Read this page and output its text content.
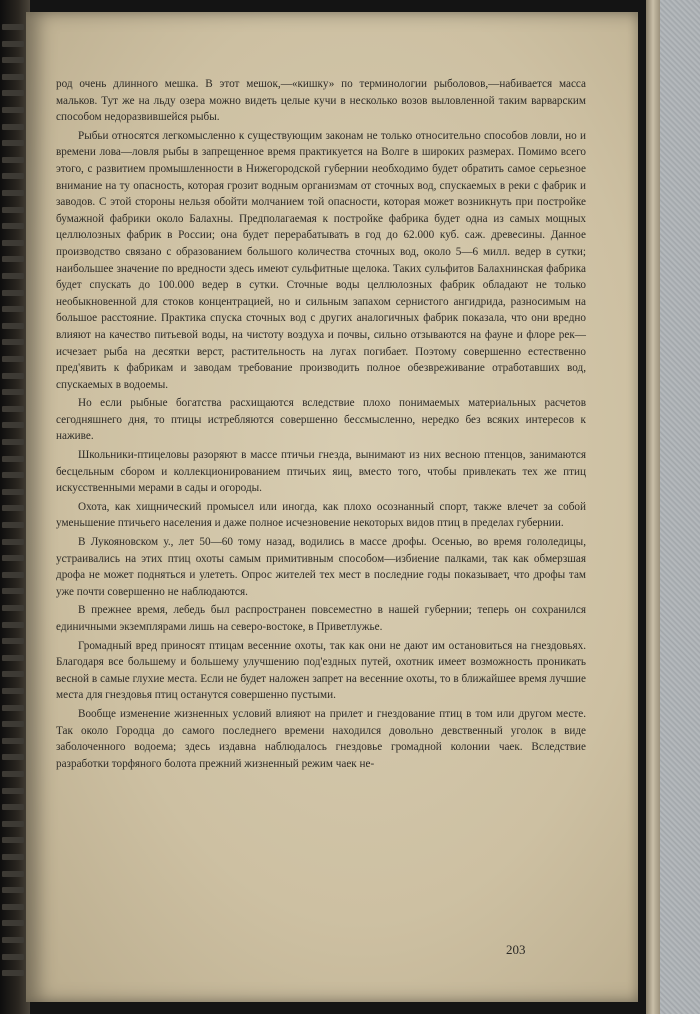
род очень длинного мешка. В этот мешок,—«кишку» по терминологии рыболовов,—набивается масса мальков. Тут же на льду озера можно видеть целые кучи в несколько возов выловленной таким варварским способом недоразвившейся рыбы.

Рыбьи относятся легкомысленно к существующим законам не только относительно способов ловли, но и времени лова—ловля рыбы в запрещенное время практикуется на Волге в широких размерах. Помимо всего этого, с развитием промышленности в Нижегородской губернии необходимо будет обратить самое серьезное внимание на ту опасность, которая грозит водным организмам от сточных вод, спускаемых в реки с фабрик и заводов. С этой стороны нельзя обойти молчанием той опасности, которая может возникнуть при постройке бумажной фабрики около Балахны. Предполагаемая к постройке фабрика будет одна из самых мощных целлюлозных фабрик в России; она будет перерабатывать в год до 62.000 куб. саж. древесины. Данное производство связано с образованием большого количества сточных вод, около 5—6 милл. ведер в сутки; наибольшее значение по вредности здесь имеют сульфитные щелока. Таких сульфитов Балахнинская фабрика будет спускать до 100.000 ведер в сутки. Сточные воды целлюлозных фабрик обладают не только необыкновенной для стоков концентрацией, но и сильным запахом сернистого ангидрида, разносимым на большое расстояние. Практика спуска сточных вод с других аналогичных фабрик показала, что они вредно влияют на качество питьевой воды, на чистоту воздуха и почвы, сильно отзываются на фауне и флоре рек—исчезает рыба на десятки верст, растительность на лугах погибает. Поэтому совершенно естественно пред'явить к фабрикам и заводам требование производить полное обезвреживание отработавших вод, спускаемых в водоемы.

Но если рыбные богатства расхищаются вследствие плохо понимаемых материальных расчетов сегодняшнего дня, то птицы истребляются совершенно бессмысленно, нередко без всяких интересов к наживе.

Школьники-птицеловы разоряют в массе птичьи гнезда, вынимают из них весною птенцов, занимаются бесцельным сбором и коллекционированием птичьих яиц, вместо того, чтобы привлекать тех же птиц искусственными мерами в сады и огороды.

Охота, как хищнический промысел или иногда, как плохо осознанный спорт, также влечет за собой уменьшение птичьего населения и даже полное исчезновение некоторых видов птиц в пределах губернии.

В Лукояновском у., лет 50—60 тому назад, водились в массе дрофы. Осенью, во время гололедицы, устраивались на этих птиц охоты самым примитивным способом—избиение палками, так как обмерзшая дрофа не может подняться и улететь. Опрос жителей тех мест в последние годы показывает, что дрофы там уже почти совершенно не наблюдаются.

В прежнее время, лебедь был распространен повсеместно в нашей губернии; теперь он сохранился единичными экземплярами лишь на северо-востоке, в Приветлужье.

Громадный вред приносят птицам весенние охоты, так как они не дают им остановиться на гнездовьях. Благодаря все большему и большему улучшению под'ездных путей, охотник имеет возможность проникать весной в самые глухие места. Если не будет наложен запрет на весенние охоты, то в ближайшее время лучшие места для гнездовья птиц останутся совершенно пустыми.

Вообще изменение жизненных условий влияют на прилет и гнездование птиц в том или другом месте. Так около Городца до самого последнего времени находился довольно девственный уголок в виде заболоченного водоема; здесь издавна наблюдалось гнездовье громадной колонии чаек. Вследствие разработки торфяного болота прежний жизненный режим чаек не-

203
